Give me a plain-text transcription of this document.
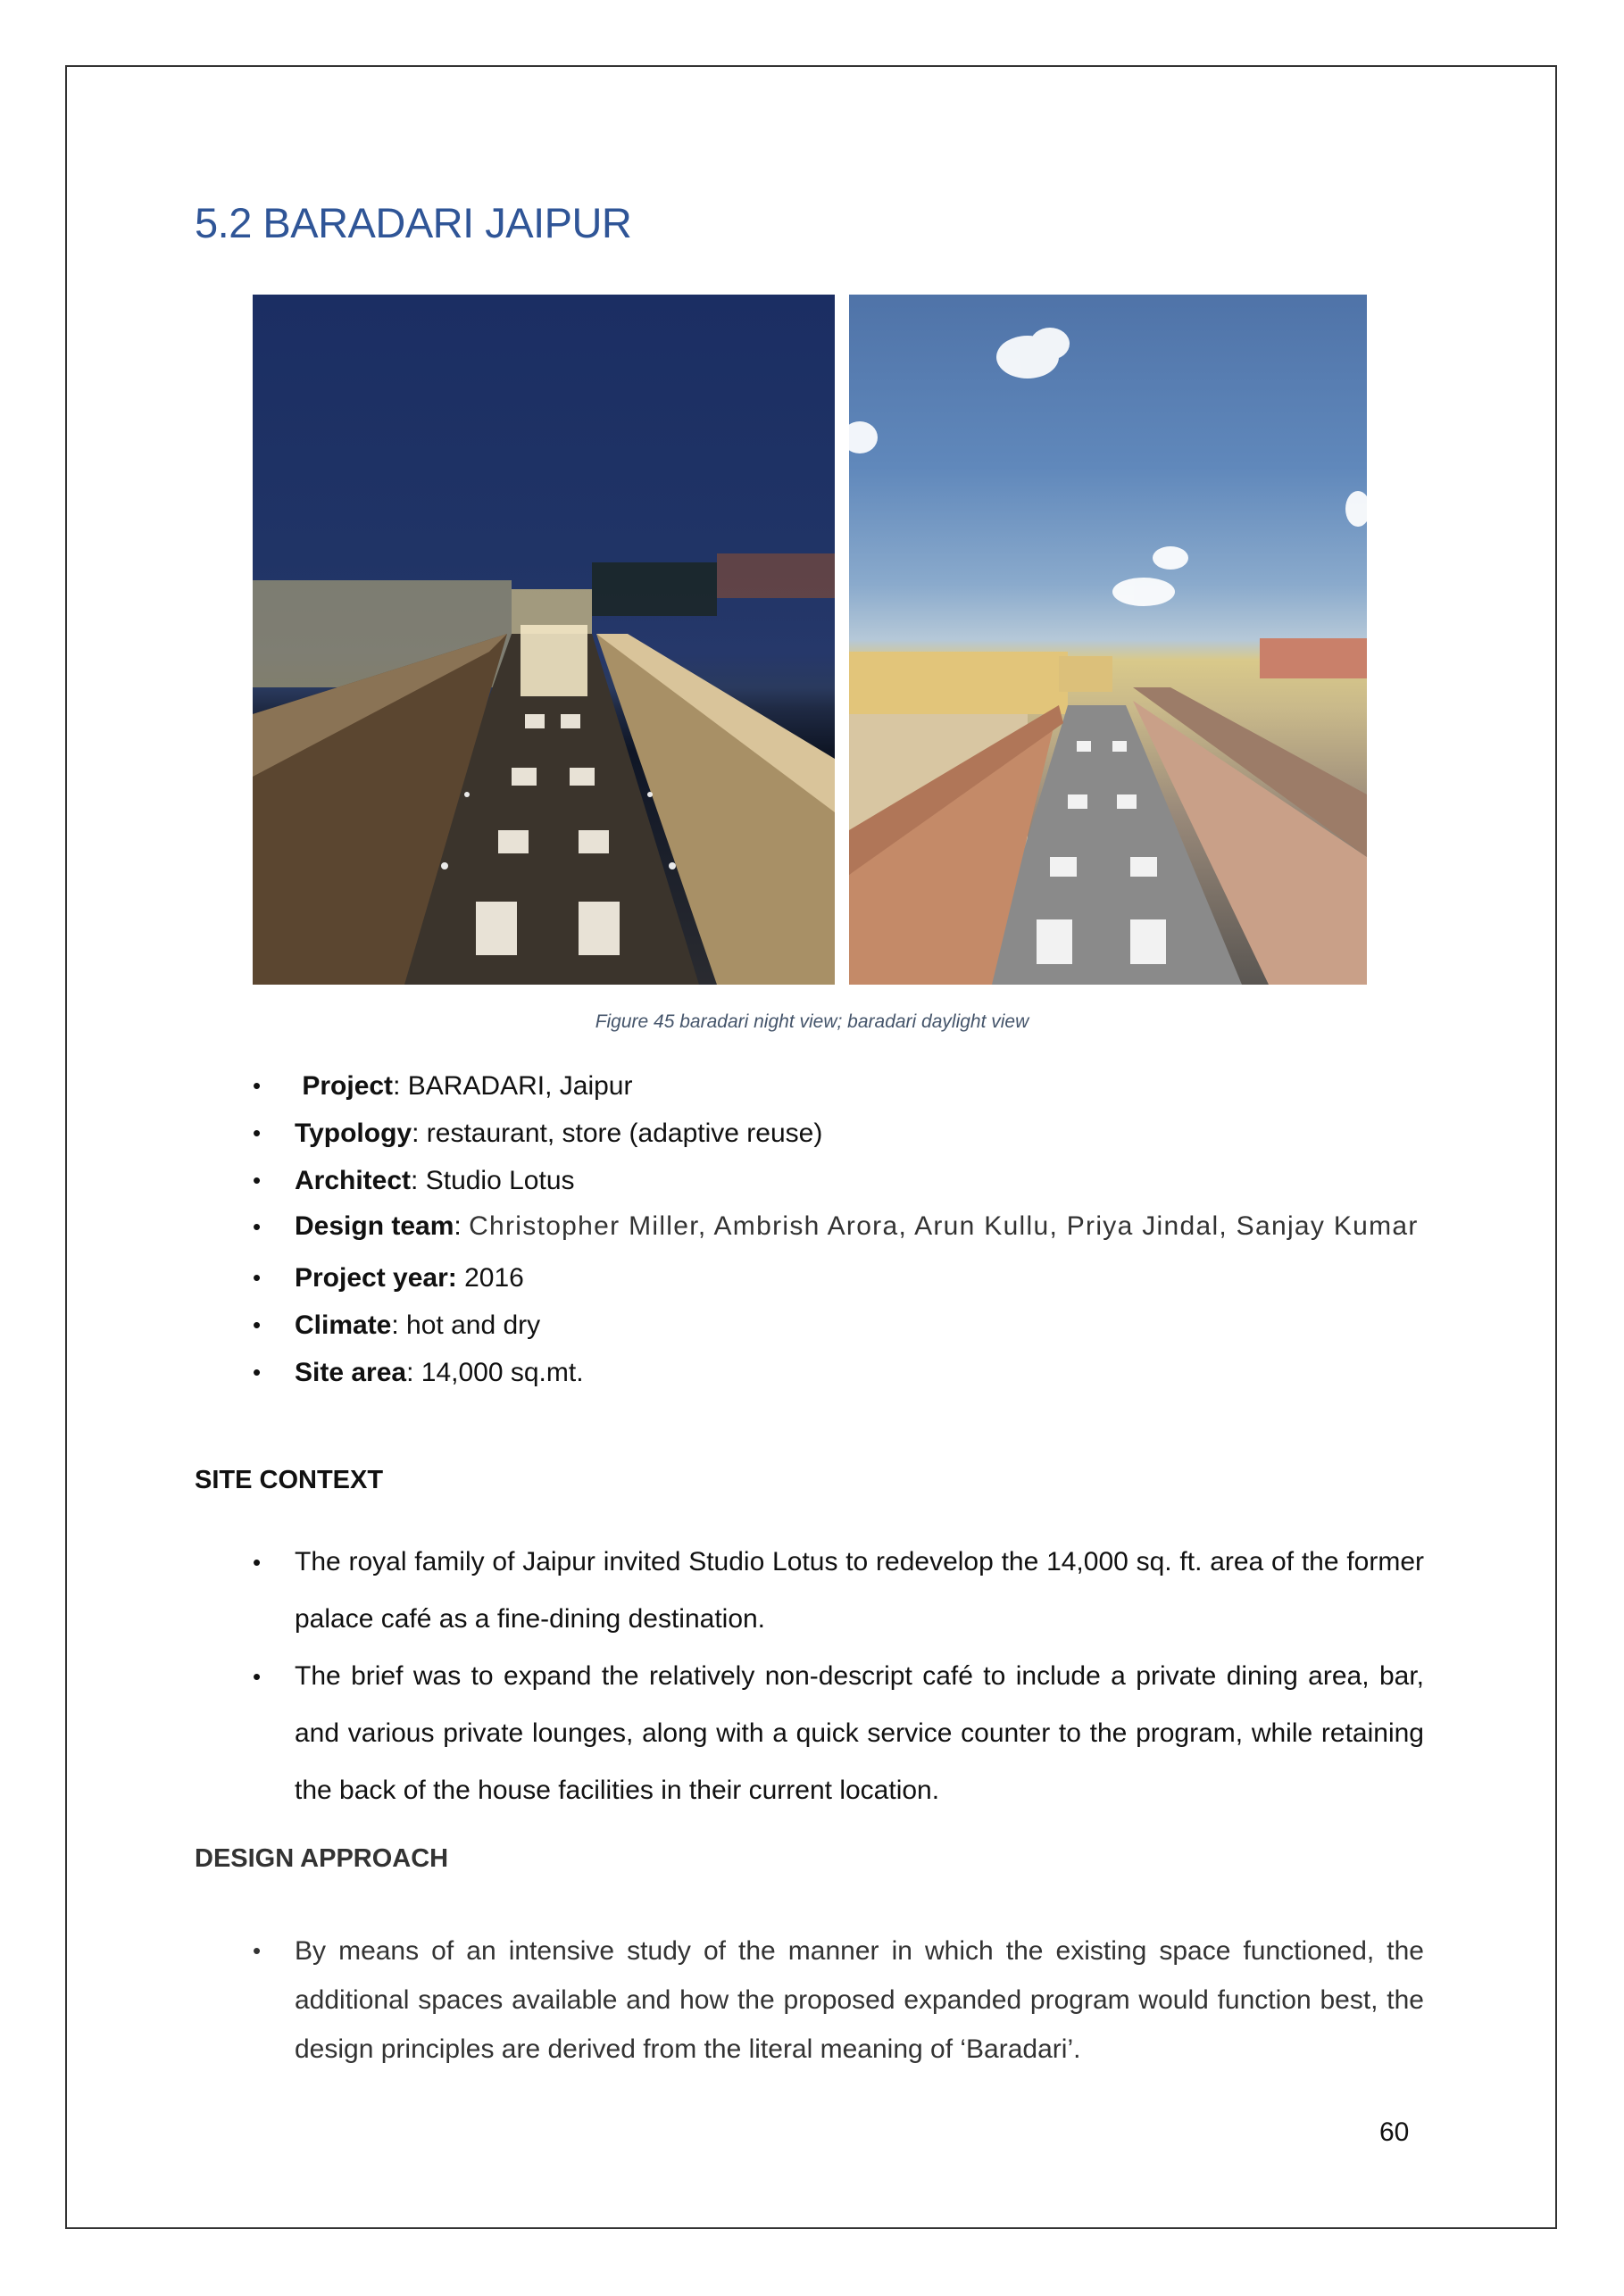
5.2 BARADARI JAIPUR
Figure 45 baradari night view; baradari daylight view
• Project: BARADARI, Jaipur
• Typology: restaurant, store (adaptive reuse)
• Architect: Studio Lotus
• Design team: Christopher Miller, Ambrish Arora, Arun Kullu, Priya Jindal, Sanjay Kumar
• Project year: 2016
• Climate: hot and dry
• Site area: 14,000 sq.mt.
SITE CONTEXT
• The royal family of Jaipur invited Studio Lotus to redevelop the 14,000 sq. ft. area of the former palace café as a fine-dining destination.
• The brief was to expand the relatively non-descript café to include a private dining area, bar, and various private lounges, along with a quick service counter to the program, while retaining the back of the house facilities in their current location.
DESIGN APPROACH
• By means of an intensive study of the manner in which the existing space functioned, the additional spaces available and how the proposed expanded program would function best, the design principles are derived from the literal meaning of ‘Baradari’.
60
